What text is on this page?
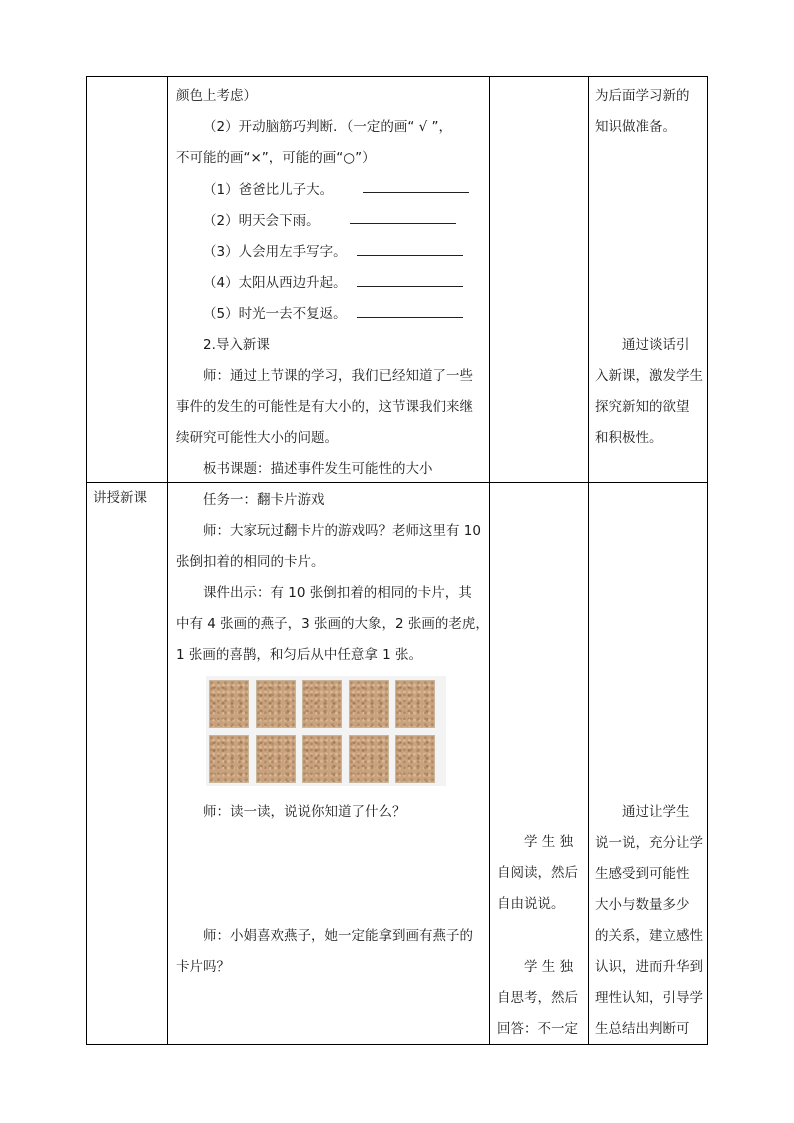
讲授新课
颜色上考虑）
（2）开动脑筋巧判断．（一定的画“ √ ”，
不可能的画“×”，可能的画“○”）
（1）爸爸比儿子大。
（2）明天会下雨。
（3）人会用左手写字。
（4）太阳从西边升起。
（5）时光一去不复返。
2.导入新课
师：通过上节课的学习，我们已经知道了一些
事件的发生的可能性是有大小的，这节课我们来继
续研究可能性大小的问题。
板书课题：描述事件发生可能性的大小
任务一：翻卡片游戏
师：大家玩过翻卡片的游戏吗？老师这里有 10
张倒扣着的相同的卡片。
课件出示：有 10 张倒扣着的相同的卡片，其
中有 4 张画的燕子，3 张画的大象，2 张画的老虎，
1 张画的喜鹊，和匀后从中任意拿 1 张。
师：读一读，说说你知道了什么？
师：小娟喜欢燕子，她一定能拿到画有燕子的
卡片吗？
学 生 独
自阅读，然后
自由说说。
学 生 独
自思考，然后
回答：不一定
为后面学习新的
知识做准备。
通过谈话引
入新课，激发学生
探究新知的欲望
和积极性。
通过让学生
说一说，充分让学
生感受到可能性
大小与数量多少
的关系，建立感性
认识，进而升华到
理性认知，引导学
生总结出判断可
